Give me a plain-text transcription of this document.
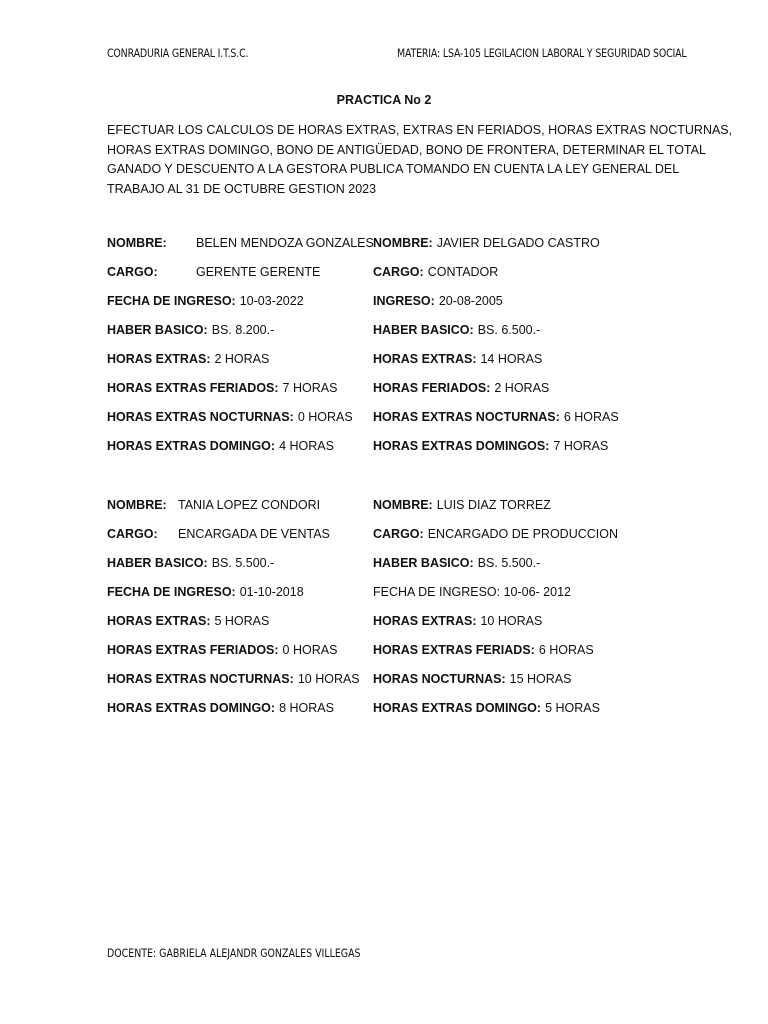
CONRADURIA GENERAL I.T.S.C.	MATERIA: LSA-105 LEGILACION LABORAL Y SEGURIDAD SOCIAL
PRACTICA No 2
EFECTUAR LOS CALCULOS DE HORAS EXTRAS, EXTRAS EN FERIADOS, HORAS EXTRAS NOCTURNAS,
HORAS EXTRAS DOMINGO, BONO DE ANTIGÜEDAD, BONO DE FRONTERA, DETERMINAR EL TOTAL
GANADO Y DESCUENTO A LA GESTORA PUBLICA TOMANDO EN CUENTA LA LEY GENERAL DEL
TRABAJO AL 31 DE OCTUBRE GESTION 2023
NOMBRE: BELEN MENDOZA GONZALES
CARGO:	GERENTE GERENTE
FECHA DE INGRESO: 10-03-2022
HABER BASICO: BS. 8.200.-
HORAS EXTRAS: 2 HORAS
HORAS EXTRAS FERIADOS: 7 HORAS
HORAS EXTRAS NOCTURNAS: 0 HORAS
HORAS EXTRAS DOMINGO: 4 HORAS
NOMBRE: JAVIER DELGADO CASTRO
CARGO: CONTADOR
INGRESO: 20-08-2005
HABER BASICO: BS. 6.500.-
HORAS EXTRAS: 14 HORAS
HORAS FERIADOS: 2 HORAS
HORAS EXTRAS NOCTURNAS: 6 HORAS
HORAS EXTRAS DOMINGOS: 7 HORAS
NOMBRE: TANIA LOPEZ CONDORI
CARGO: ENCARGADA DE VENTAS
HABER BASICO: BS. 5.500.-
FECHA DE INGRESO: 01-10-2018
HORAS EXTRAS: 5 HORAS
HORAS EXTRAS FERIADOS: 0 HORAS
HORAS EXTRAS NOCTURNAS: 10 HORAS
HORAS EXTRAS DOMINGO: 8 HORAS
NOMBRE: LUIS DIAZ TORREZ
CARGO: ENCARGADO DE PRODUCCION
HABER BASICO: BS. 5.500.-
FECHA DE INGRESO: 10-06- 2012
HORAS EXTRAS: 10 HORAS
HORAS EXTRAS FERIADS: 6 HORAS
HORAS NOCTURNAS: 15 HORAS
HORAS EXTRAS DOMINGO: 5 HORAS
DOCENTE: GABRIELA ALEJANDR GONZALES VILLEGAS
